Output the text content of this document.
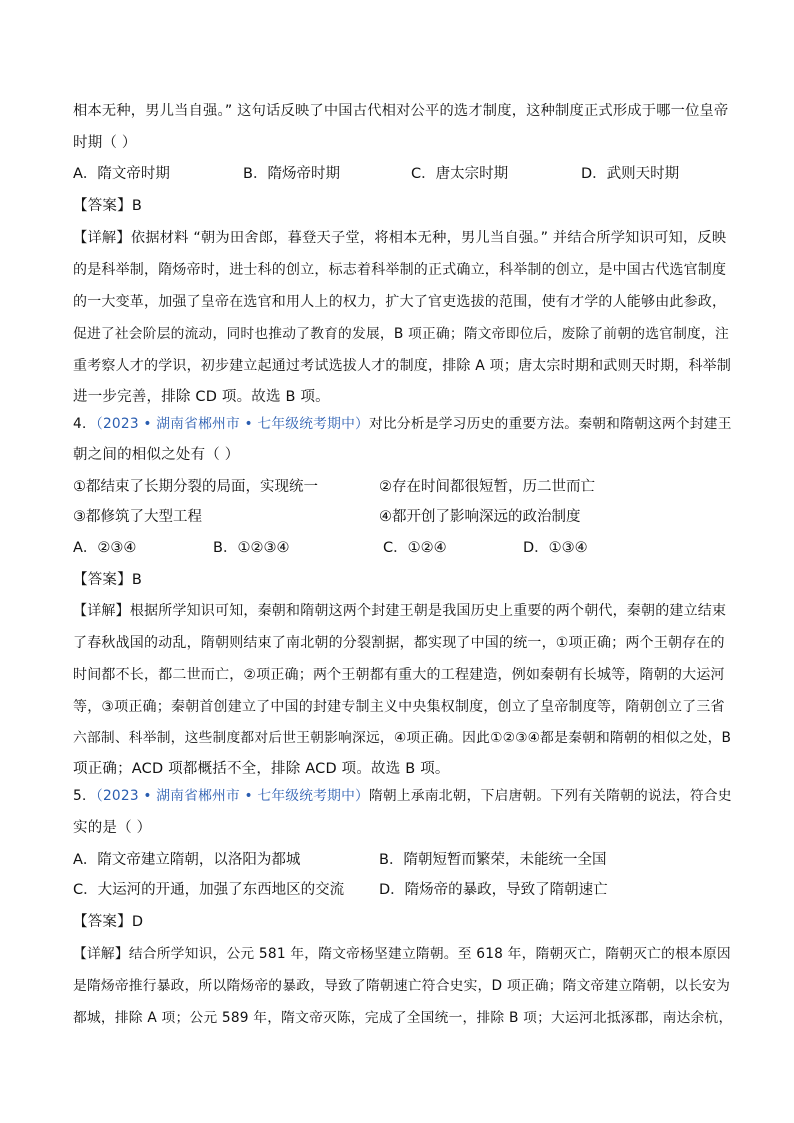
相本无种，男儿当自强。” 这句话反映了中国古代相对公平的选才制度，这种制度正式形成于哪一位皇帝
时期（ ）
A．隋文帝时期	B．隋炀帝时期	C．唐太宗时期	D．武则天时期
【答案】B
【详解】依据材料 “朝为田舍郎，暮登天子堂，将相本无种，男儿当自强。” 并结合所学知识可知，反映
的是科举制，隋炀帝时，进士科的创立，标志着科举制的正式确立，科举制的创立，是中国古代选官制度
的一大变革，加强了皇帝在选官和用人上的权力，扩大了官吏选拔的范围，使有才学的人能够由此参政，
促进了社会阶层的流动，同时也推动了教育的发展，B 项正确；隋文帝即位后，废除了前朝的选官制度，注
重考察人才的学识，初步建立起通过考试选拔人才的制度，排除 A 项；唐太宗时期和武则天时期，科举制
进一步完善，排除 CD 项。故选 B 项。
4．（2023 • 湖南省郴州市 • 七年级统考期中）对比分析是学习历史的重要方法。秦朝和隋朝这两个封建王
朝之间的相似之处有（ ）
①都结束了长期分裂的局面，实现统一	②存在时间都很短暂，历二世而亡
③都修筑了大型工程	④都开创了影响深远的政治制度
A．②③④	B．①②③④	C．①②④	D．①③④
【答案】B
【详解】根据所学知识可知，秦朝和隋朝这两个封建王朝是我国历史上重要的两个朝代，秦朝的建立结束
了春秋战国的动乱，隋朝则结束了南北朝的分裂割据，都实现了中国的统一，①项正确；两个王朝存在的
时间都不长，都二世而亡，②项正确；两个王朝都有重大的工程建造，例如秦朝有长城等，隋朝的大运河
等，③项正确；秦朝首创建立了中国的封建专制主义中央集权制度，创立了皇帝制度等，隋朝创立了三省
六部制、科举制，这些制度都对后世王朝影响深远，④项正确。因此①②③④都是秦朝和隋朝的相似之处，B
项正确；ACD 项都概括不全，排除 ACD 项。故选 B 项。
5．（2023 • 湖南省郴州市 • 七年级统考期中）隋朝上承南北朝，下启唐朝。下列有关隋朝的说法，符合史
实的是（ ）
A．隋文帝建立隋朝，以洛阳为都城	B．隋朝短暂而繁荣，未能统一全国
C．大运河的开通，加强了东西地区的交流 D．隋炀帝的暴政，导致了隋朝速亡
【答案】D
【详解】结合所学知识，公元 581 年，隋文帝杨坚建立隋朝。至 618 年，隋朝灭亡，隋朝灭亡的根本原因
是隋炀帝推行暴政，所以隋炀帝的暴政，导致了隋朝速亡符合史实，D 项正确；隋文帝建立隋朝，以长安为
都城，排除 A 项；公元 589 年，隋文帝灭陈，完成了全国统一，排除 B 项；大运河北抵涿郡，南达余杭，
